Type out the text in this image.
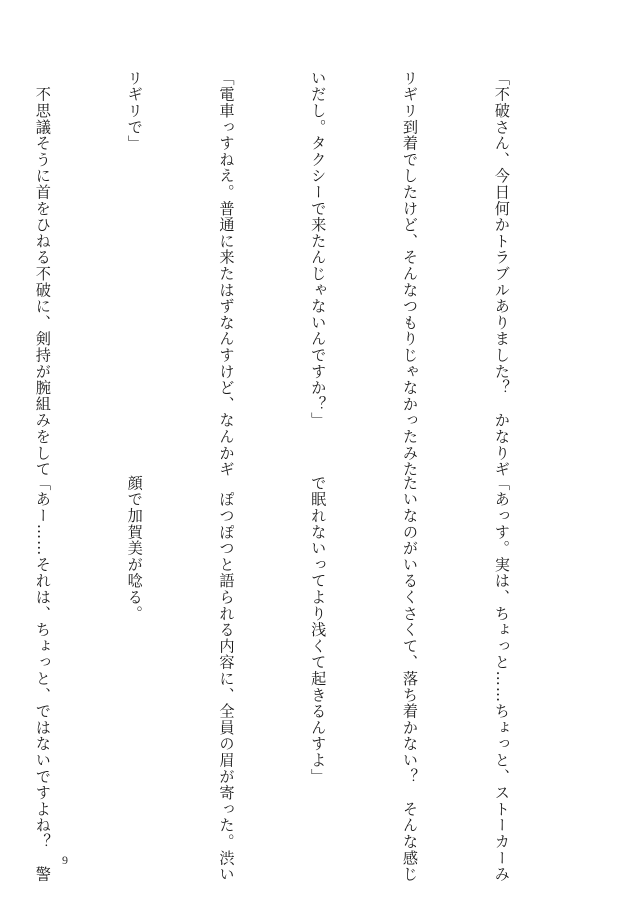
「不破さん、今日何かトラブルありました？　かなりギ

リギリ到着でしたけど、そんなつもりじゃなかったみた

いだし。タクシーで来たんじゃないんですか？」

「電車っすねえ。普通に来たはずなんすけど、なんかギ

リギリで」

　不思議そうに首をひねる不破に、剣持が腕組みをして

「あっす。実は、ちょっと……ちょっと、ストーカーみ

たいなのがいるくさくて、落ち着かない？　そんな感じ

で眠れないってより浅くて起きるんすよ」

　ぽつぽつと語られる内容に、全員の眉が寄った。渋い

顔で加賀美が唸る。

「あー……それは、ちょっと、ではないですよね？　警

9
